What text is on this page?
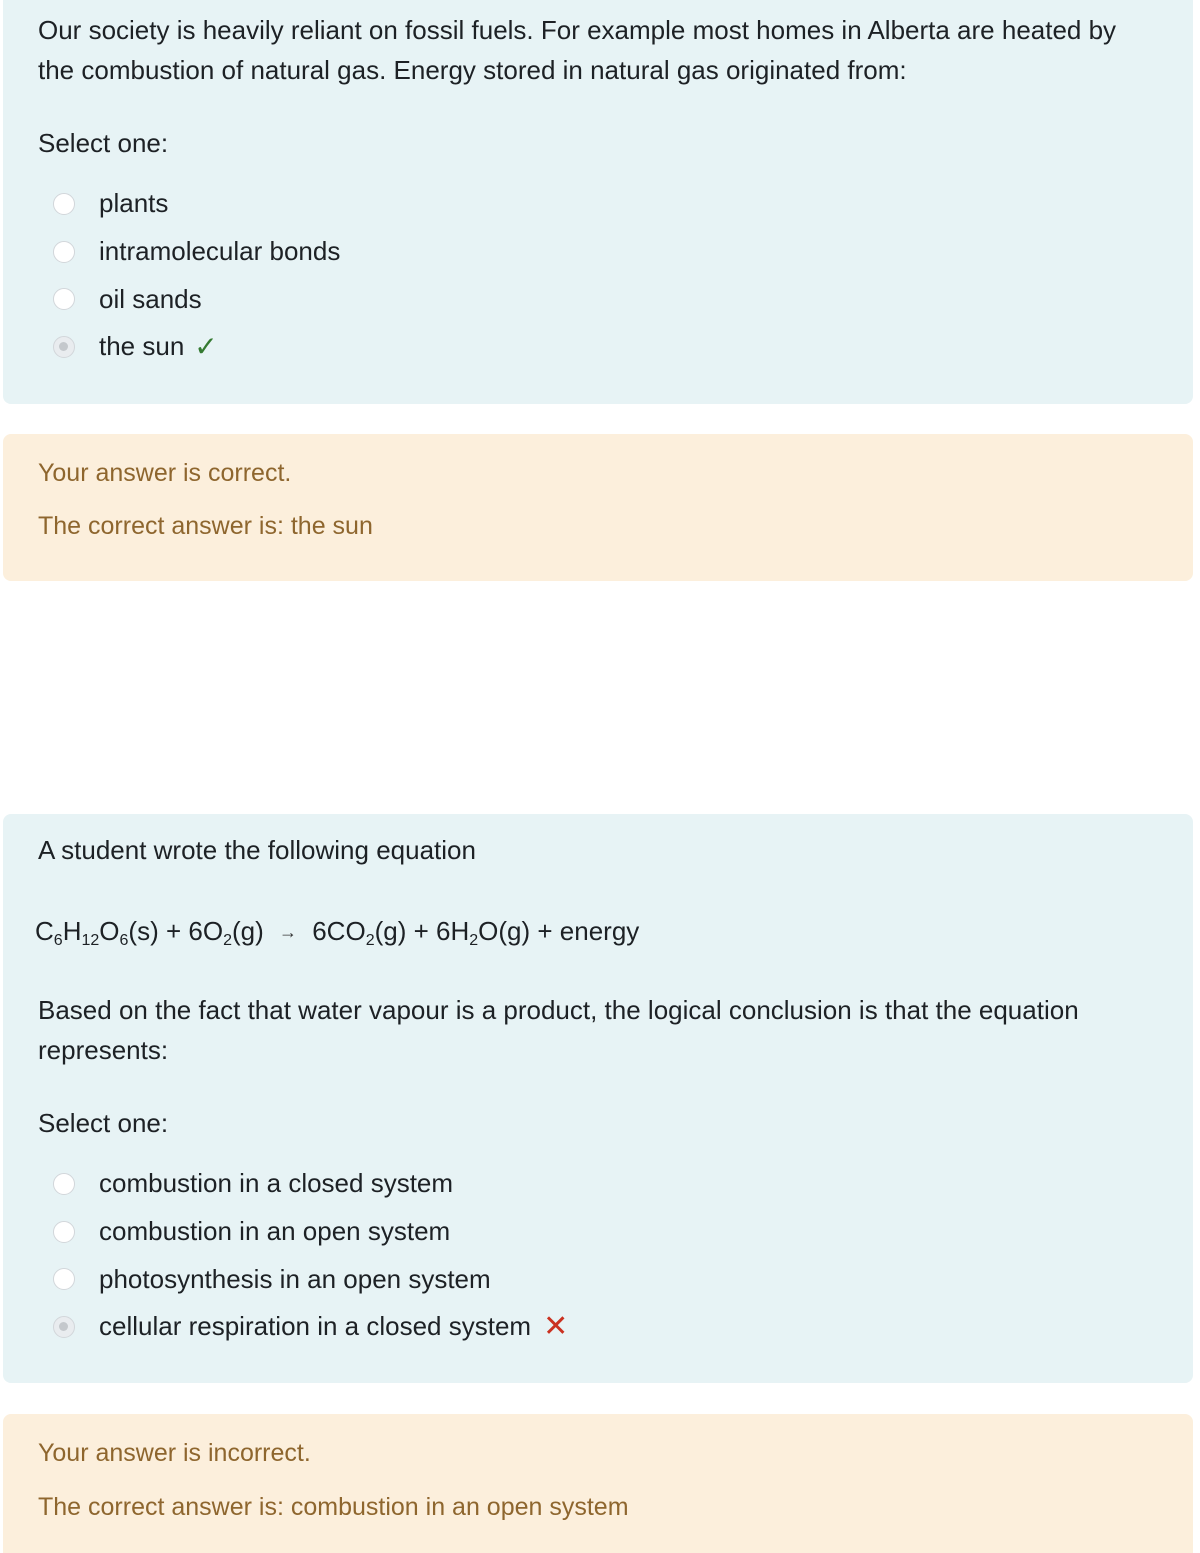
Our society is heavily reliant on fossil fuels. For example most homes in Alberta are heated by the combustion of natural gas. Energy stored in natural gas originated from:

Select one:

plants
intramolecular bonds
oil sands
the sun ✓

Your answer is correct.

The correct answer is: the sun

A student wrote the following equation

$C_6H_{12}O_6(s) + 6O_2(g) \to 6CO_2(g) + 6H_2O(g)$ + energy

Based on the fact that water vapour is a product, the logical conclusion is that the equation represents:

Select one:

combustion in a closed system
combustion in an open system
photosynthesis in an open system
cellular respiration in a closed system ✕

Your answer is incorrect.

The correct answer is: combustion in an open system
